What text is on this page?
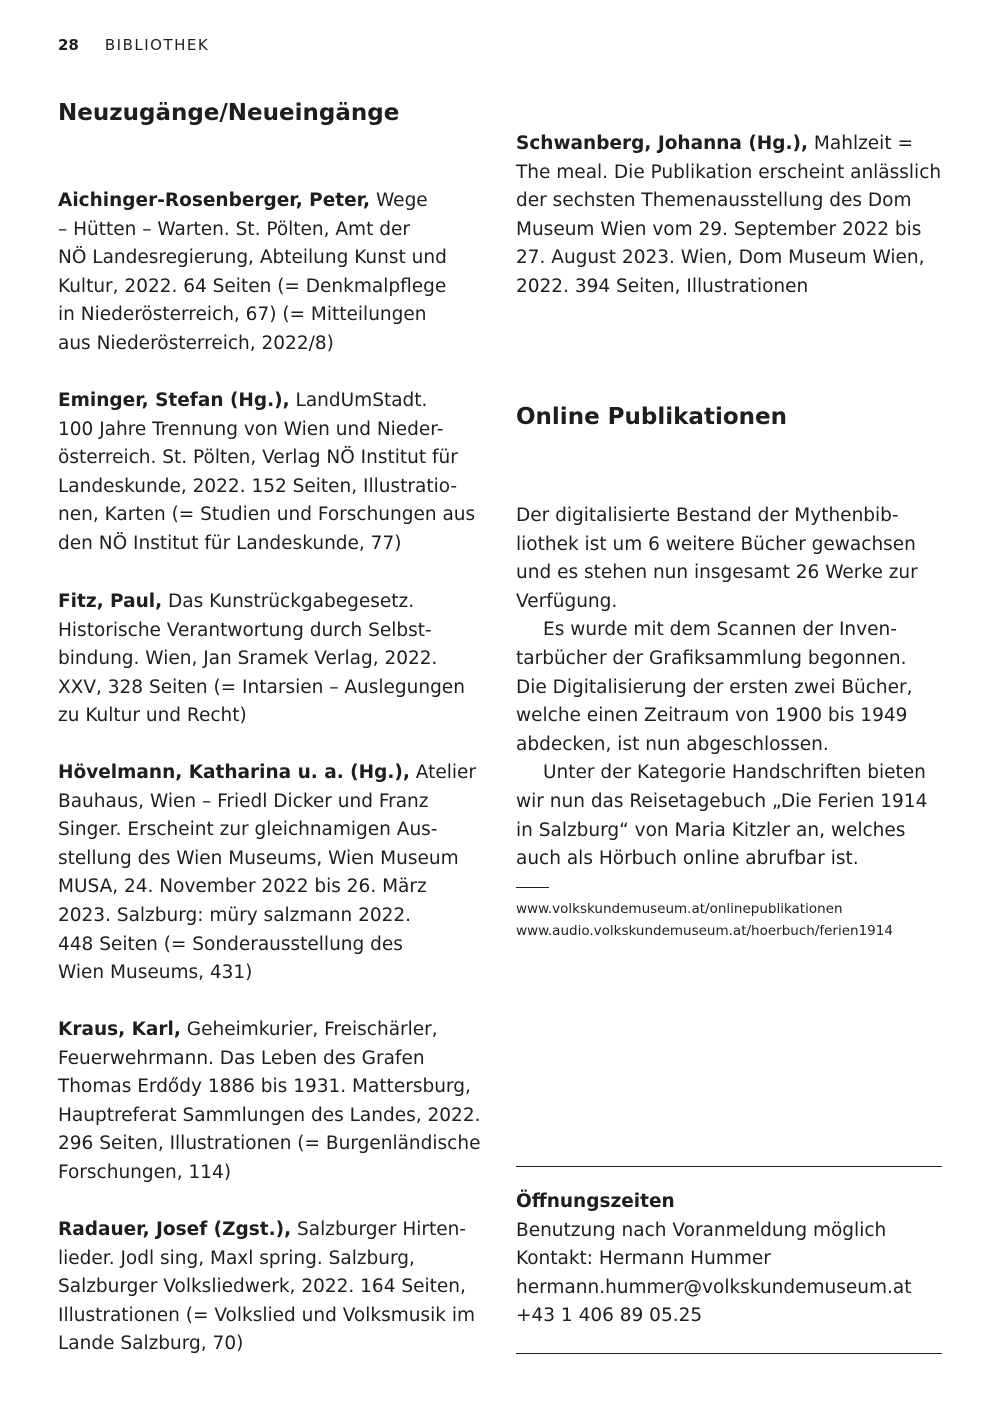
28 BIBLIOTHEK
Neuzugänge/Neueingänge
Aichinger-Rosenberger, Peter, Wege
– Hütten – Warten. St. Pölten, Amt der
NÖ Landesregierung, Abteilung Kunst und
Kultur, 2022. 64 Seiten (= Denkmalpflege
in Niederösterreich, 67) (= Mitteilungen
aus Niederösterreich, 2022/8)
Eminger, Stefan (Hg.), LandUmStadt.
100 Jahre Trennung von Wien und Nieder-
österreich. St. Pölten, Verlag NÖ Institut für
Landeskunde, 2022. 152 Seiten, Illustratio-
nen, Karten (= Studien und Forschungen aus
den NÖ Institut für Landeskunde, 77)
Fitz, Paul, Das Kunstrückgabegesetz.
Historische Verantwortung durch Selbst-
bindung. Wien, Jan Sramek Verlag, 2022.
XXV, 328 Seiten (= Intarsien – Auslegungen
zu Kultur und Recht)
Hövelmann, Katharina u. a. (Hg.), Atelier
Bauhaus, Wien – Friedl Dicker und Franz
Singer. Erscheint zur gleichnamigen Aus-
stellung des Wien Museums, Wien Museum
MUSA, 24. November 2022 bis 26. März
2023. Salzburg: müry salzmann 2022.
448 Seiten (= Sonderausstellung des
Wien Museums, 431)
Kraus, Karl, Geheimkurier, Freischärler,
Feuerwehrmann. Das Leben des Grafen
Thomas Erdődy 1886 bis 1931. Mattersburg,
Hauptreferat Sammlungen des Landes, 2022.
296 Seiten, Illustrationen (= Burgenländische
Forschungen, 114)
Radauer, Josef (Zgst.), Salzburger Hirten-
lieder. Jodl sing, Maxl spring. Salzburg,
Salzburger Volksliedwerk, 2022. 164 Seiten,
Illustrationen (= Volkslied und Volksmusik im
Lande Salzburg, 70)
Schwanberg, Johanna (Hg.), Mahlzeit =
The meal. Die Publikation erscheint anlässlich
der sechsten Themenausstellung des Dom
Museum Wien vom 29. September 2022 bis
27. August 2023. Wien, Dom Museum Wien,
2022. 394 Seiten, Illustrationen
Online Publikationen
Der digitalisierte Bestand der Mythenbib-
liothek ist um 6 weitere Bücher gewachsen
und es stehen nun insgesamt 26 Werke zur
Verfügung.
Es wurde mit dem Scannen der Inven-
tarbücher der Grafiksammlung begonnen.
Die Digitalisierung der ersten zwei Bücher,
welche einen Zeitraum von 1900 bis 1949
abdecken, ist nun abgeschlossen.
Unter der Kategorie Handschriften bieten
wir nun das Reisetagebuch „Die Ferien 1914
in Salzburg“ von Maria Kitzler an, welches
auch als Hörbuch online abrufbar ist.
www.volkskundemuseum.at/onlinepublikationen
www.audio.volkskundemuseum.at/hoerbuch/ferien1914
Öffnungszeiten
Benutzung nach Voranmeldung möglich
Kontakt: Hermann Hummer
hermann.hummer@volkskundemuseum.at
+43 1 406 89 05.25
